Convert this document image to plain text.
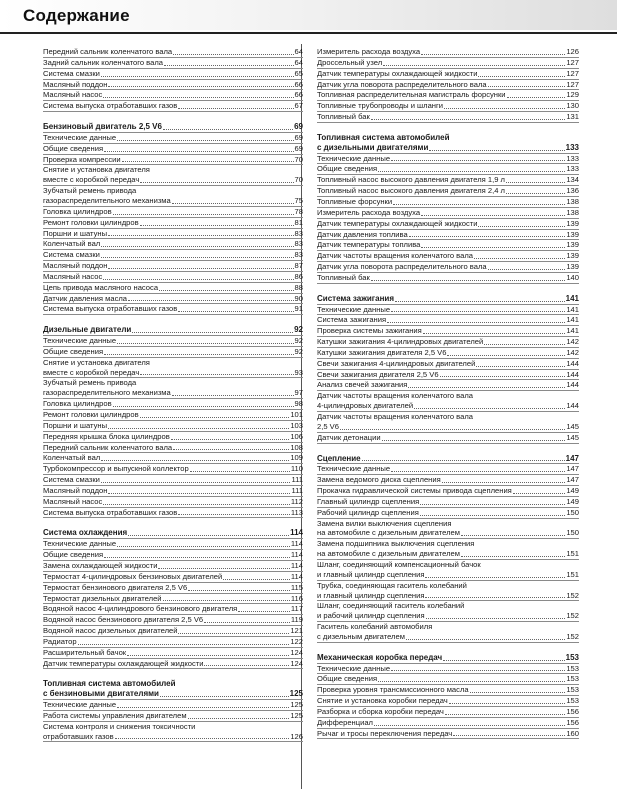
Содержание
Передний сальник коленчатого вала	64
Задний сальник коленчатого вала	64
Система смазки	65
Масляный поддон	66
Масляный насос	66
Система выпуска отработавших газов	67
Бензиновый двигатель 2,5 V6	69
Технические данные	69
Общие сведения	69
Проверка компрессии	70
Снятие и установка двигателя
вместе с коробкой передач	70
Зубчатый ремень привода
газораспределительного механизма	75
Головка цилиндров	78
Ремонт головки цилиндров	81
Поршни и шатуны	83
Коленчатый вал	83
Система смазки	83
Масляный поддон	87
Масляный насос	86
Цепь привода масляного насоса	88
Датчик давления масла	90
Система выпуска отработавших газов	91
Дизельные двигатели	92
Технические данные	92
Общие сведения	92
Снятие и установка двигателя
вместе с коробкой передач	93
Зубчатый ремень привода
газораспределительного механизма	97
Головка цилиндров	98
Ремонт головки цилиндров	101
Поршни и шатуны	103
Передняя крышка блока цилиндров	106
Передний сальник коленчатого вала	108
Коленчатый вал	109
Турбокомпрессор и выпускной коллектор	110
Система смазки	111
Масляный поддон	111
Масляный насос	112
Система выпуска отработавших газов	113
Система охлаждения	114
Технические данные	114
Общие сведения	114
Замена охлаждающей жидкости	114
Термостат 4-цилиндровых бензиновых двигателей	114
Термостат бензинового двигателя 2,5 V6	115
Термостат дизельных двигателей	116
Водяной насос 4-цилиндрового бензинового двигателя	117
Водяной насос бензинового двигателя 2,5 V6	119
Водяной насос дизельных двигателей	121
Радиатор	122
Расширительный бачок	124
Датчик температуры охлаждающей жидкости	124
Топливная система автомобилей
с бензиновыми двигателями	125
Технические данные	125
Работа системы управления двигателем	125
Система контроля и снижения токсичности
отработавших газов	126
Измеритель расхода воздуха	126
Дроссельный узел	127
Датчик температуры охлаждающей жидкости	127
Датчик угла поворота распределительного вала	127
Топливная распределительная магистраль форсунки	129
Топливные трубопроводы и шланги	130
Топливный бак	131
Топливная система автомобилей
с дизельными двигателями	133
Технические данные	133
Общие сведения	133
Топливный насос высокого давления двигателя 1,9 л	134
Топливный насос высокого давления двигателя 2,4 л	136
Топливные форсунки	138
Измеритель расхода воздуха	138
Датчик температуры охлаждающей жидкости	139
Датчик давления топлива	139
Датчик температуры топлива	139
Датчик частоты вращения коленчатого вала	139
Датчик угла поворота распределительного вала	139
Топливный бак	140
Система зажигания	141
Технические данные	141
Система зажигания	141
Проверка системы зажигания	141
Катушки зажигания 4-цилиндровых двигателей	142
Катушки зажигания двигателя 2,5 V6	142
Свечи зажигания 4-цилиндровых двигателей	144
Свечи зажигания двигателя 2,5 V6	144
Анализ свечей зажигания	144
Датчик частоты вращения коленчатого вала
4-цилиндровых двигателей	144
Датчик частоты вращения коленчатого вала
2,5 V6	145
Датчик детонации	145
Сцепление	147
Технические данные	147
Замена ведомого диска сцепления	147
Прокачка гидравлической системы привода сцепления	149
Главный цилиндр сцепления	149
Рабочий цилиндр сцепления	150
Замена вилки выключения сцепления
на автомобиле с дизельным двигателем	150
Замена подшипника выключения сцепления
на автомобиле с дизельным двигателем	151
Шланг, соединяющий компенсационный бачок
и главный цилиндр сцепления	151
Трубка, соединяющая гаситель колебаний
и главный цилиндр сцепления	152
Шланг, соединяющий гаситель колебаний
и рабочий цилиндр сцепления	152
Гаситель колебаний автомобиля
с дизельным двигателем	152
Механическая коробка передач	153
Технические данные	153
Общие сведения	153
Проверка уровня трансмиссионного масла	153
Снятие и установка коробки передач	153
Разборка и сборка коробки передач	156
Дифференциал	156
Рычаг и тросы переключения передач	160
